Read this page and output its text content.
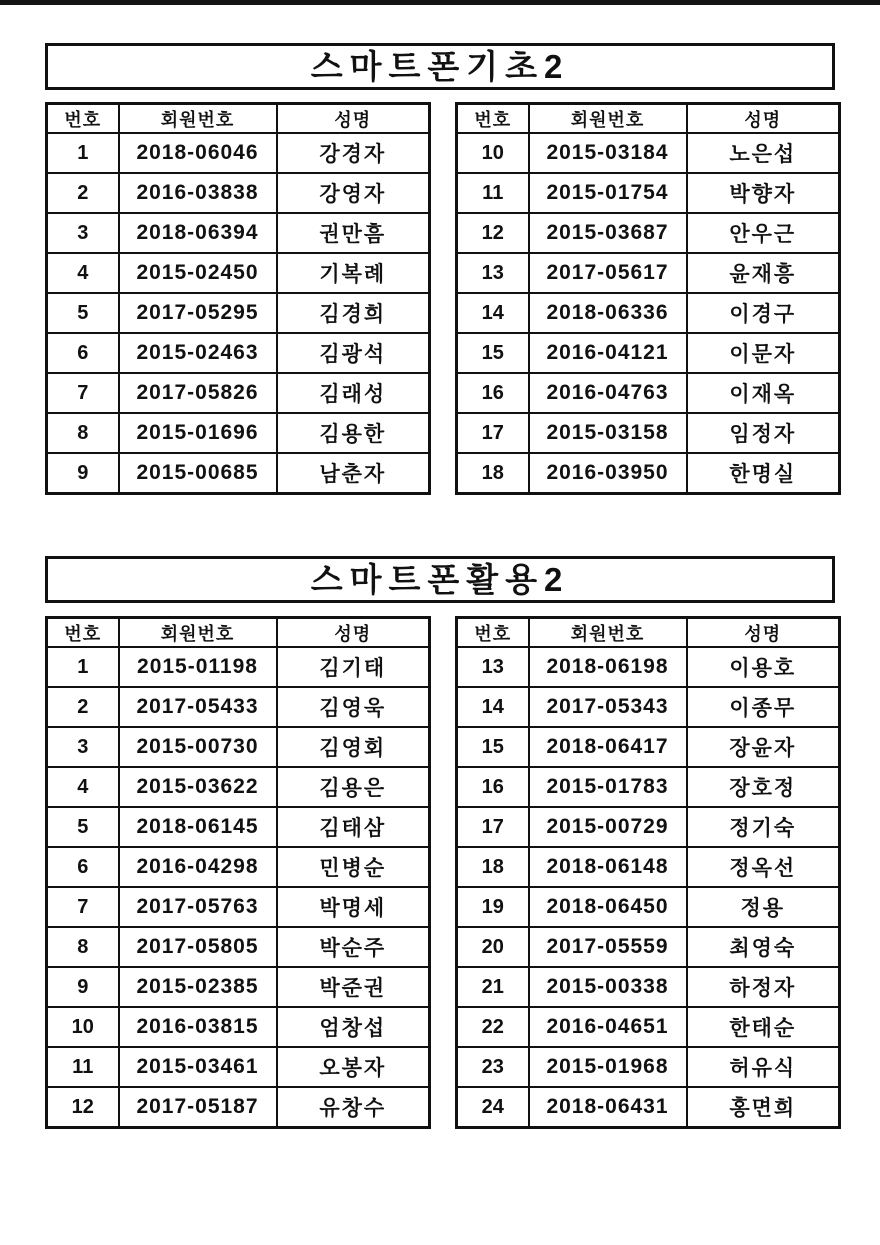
스마트폰기초2
번호	회원번호	성명
1	2018-06046	강경자
2	2016-03838	강영자
3	2018-06394	권만흠
4	2015-02450	기복례
5	2017-05295	김경희
6	2015-02463	김광석
7	2017-05826	김래성
8	2015-01696	김용한
9	2015-00685	남춘자
번호	회원번호	성명
10	2015-03184	노은섭
11	2015-01754	박향자
12	2015-03687	안우근
13	2017-05617	윤재흥
14	2018-06336	이경구
15	2016-04121	이문자
16	2016-04763	이재옥
17	2015-03158	임정자
18	2016-03950	한명실
스마트폰활용2
번호	회원번호	성명
1	2015-01198	김기태
2	2017-05433	김영욱
3	2015-00730	김영회
4	2015-03622	김용은
5	2018-06145	김태삼
6	2016-04298	민병순
7	2017-05763	박명세
8	2017-05805	박순주
9	2015-02385	박준권
10	2016-03815	엄창섭
11	2015-03461	오봉자
12	2017-05187	유창수
번호	회원번호	성명
13	2018-06198	이용호
14	2017-05343	이종무
15	2018-06417	장윤자
16	2015-01783	장호정
17	2015-00729	정기숙
18	2018-06148	정옥선
19	2018-06450	정용
20	2017-05559	최영숙
21	2015-00338	하정자
22	2016-04651	한태순
23	2015-01968	허유식
24	2018-06431	홍면희
